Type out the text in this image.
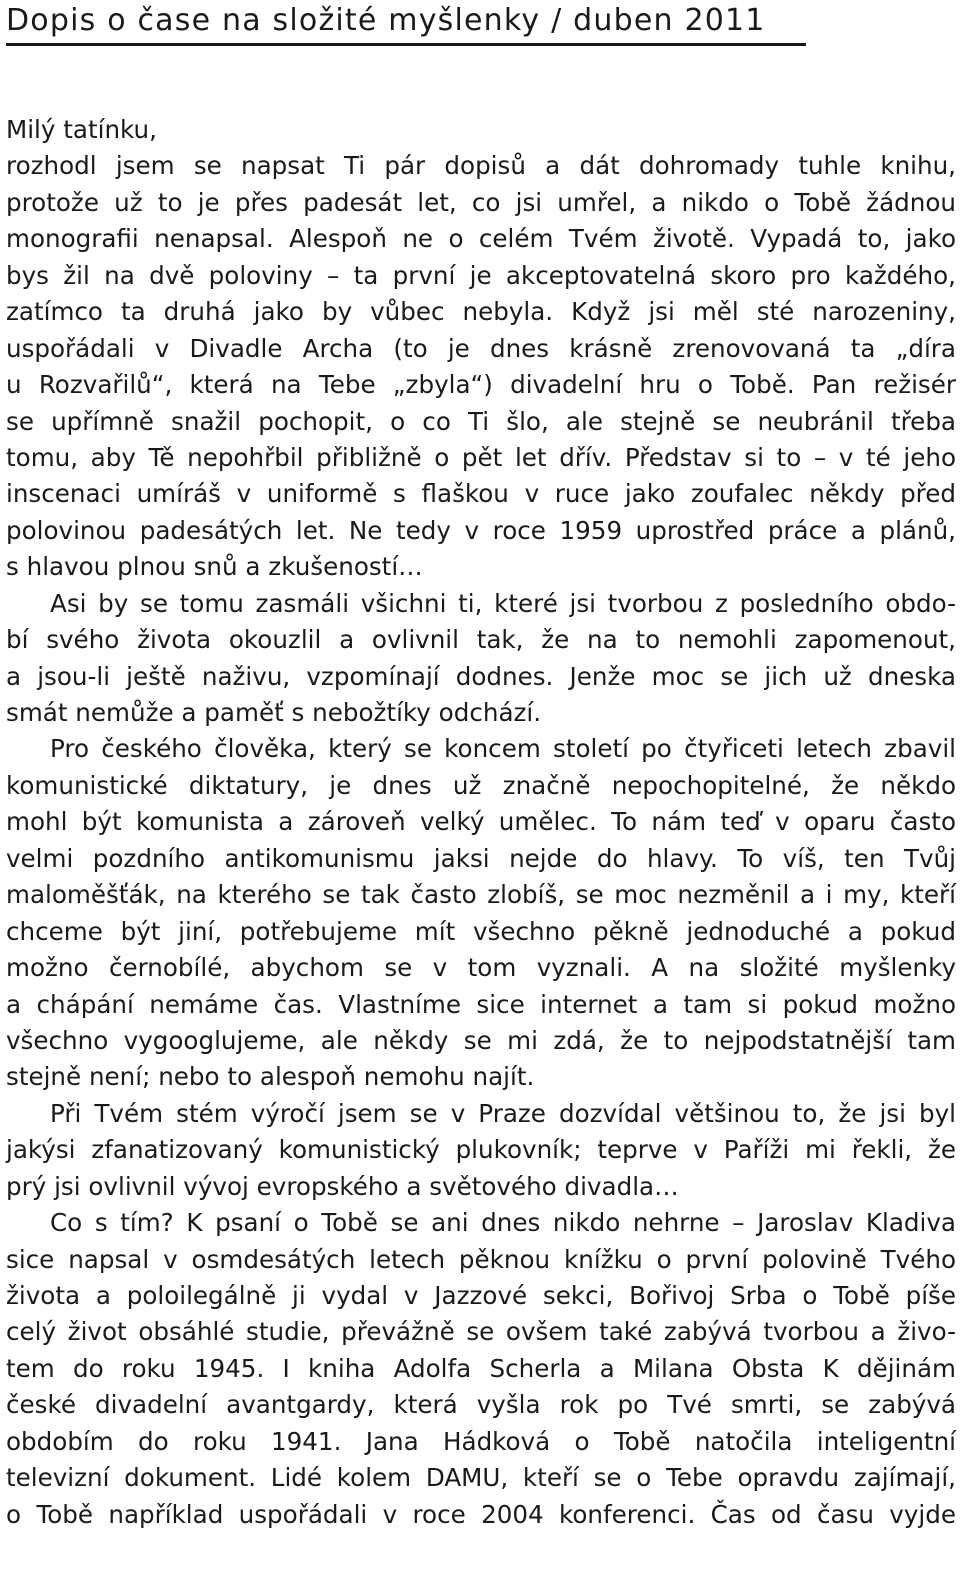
Dopis o čase na složité myšlenky / duben 2011
Milý tatínku,
rozhodl jsem se napsat Ti pár dopisů a dát dohromady tuhle knihu,
protože už to je přes padesát let, co jsi umřel, a nikdo o Tobě žádnou
monografii nenapsal. Alespoň ne o celém Tvém životě. Vypadá to, jako
bys žil na dvě poloviny – ta první je akceptovatelná skoro pro každého,
zatímco ta druhá jako by vůbec nebyla. Když jsi měl sté narozeniny,
uspořádali v Divadle Archa (to je dnes krásně zrenovovaná ta „díra
u Rozvařilů“, která na Tebe „zbyla“) divadelní hru o Tobě. Pan režisér
se upřímně snažil pochopit, o co Ti šlo, ale stejně se neubránil třeba
tomu, aby Tě nepohřbil přibližně o pět let dřív. Představ si to – v té jeho
inscenaci umíráš v uniformě s flaškou v ruce jako zoufalec někdy před
polovinou padesátých let. Ne tedy v roce 1959 uprostřed práce a plánů,
s hlavou plnou snů a zkušeností…
Asi by se tomu zasmáli všichni ti, které jsi tvorbou z posledního obdo-
bí svého života okouzlil a ovlivnil tak, že na to nemohli zapomenout,
a jsou-li ještě naživu, vzpomínají dodnes. Jenže moc se jich už dneska
smát nemůže a paměť s nebožtíky odchází.
Pro českého člověka, který se koncem století po čtyřiceti letech zbavil
komunistické diktatury, je dnes už značně nepochopitelné, že někdo
mohl být komunista a zároveň velký umělec. To nám teď v oparu často
velmi pozdního antikomunismu jaksi nejde do hlavy. To víš, ten Tvůj
maloměšťák, na kterého se tak často zlobíš, se moc nezměnil a i my, kteří
chceme být jiní, potřebujeme mít všechno pěkně jednoduché a pokud
možno černobílé, abychom se v tom vyznali. A na složité myšlenky
a chápání nemáme čas. Vlastníme sice internet a tam si pokud možno
všechno vygooglujeme, ale někdy se mi zdá, že to nejpodstatnější tam
stejně není; nebo to alespoň nemohu najít.
Při Tvém stém výročí jsem se v Praze dozvídal většinou to, že jsi byl
jakýsi zfanatizovaný komunistický plukovník; teprve v Paříži mi řekli, že
prý jsi ovlivnil vývoj evropského a světového divadla…
Co s tím? K psaní o Tobě se ani dnes nikdo nehrne – Jaroslav Kladiva
sice napsal v osmdesátých letech pěknou knížku o první polovině Tvého
života a poloilegálně ji vydal v Jazzové sekci, Bořivoj Srba o Tobě píše
celý život obsáhlé studie, převážně se ovšem také zabývá tvorbou a živo-
tem do roku 1945. I kniha Adolfa Scherla a Milana Obsta K dějinám
české divadelní avantgardy, která vyšla rok po Tvé smrti, se zabývá
obdobím do roku 1941. Jana Hádková o Tobě natočila inteligentní
televizní dokument. Lidé kolem DAMU, kteří se o Tebe opravdu zajímají,
o Tobě například uspořádali v roce 2004 konferenci. Čas od času vyjde
